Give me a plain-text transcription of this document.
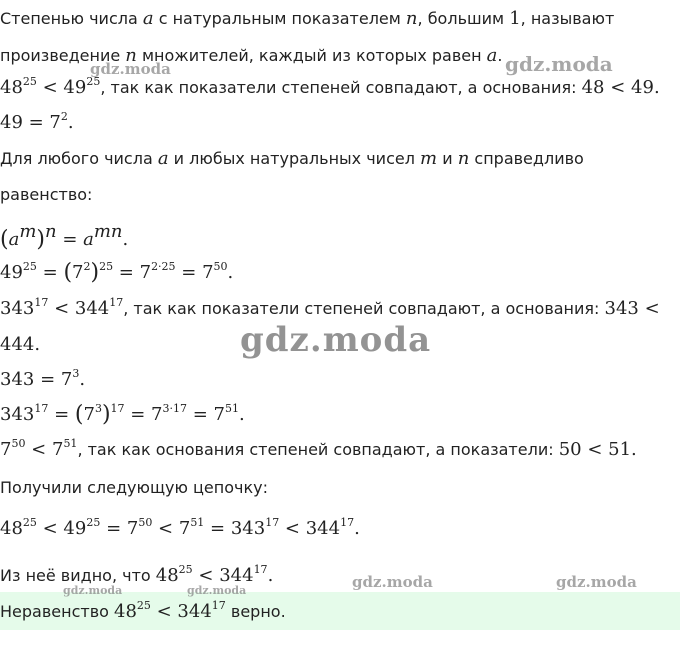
Степенью числа a с натуральным показателем n, большим 1, называют
произведение n множителей, каждый из которых равен a.
$48^{25} < 49^{25}$, так как показатели степеней совпадают, а основания: 48 < 49.
$49 = 7^2$.
Для любого числа a и любых натуральных чисел m и n справедливо
равенство:
$(a^m)^n = a^{mn}$.
$49^{25} = (7^2)^{25} = 7^{2\cdot 25} = 7^{50}$.
$343^{17} < 344^{17}$, так как показатели степеней совпадают, а основания: 343 <
444.
$343 = 7^3$.
$343^{17} = (7^3)^{17} = 7^{3\cdot 17} = 7^{51}$.
$7^{50} < 7^{51}$, так как основания степеней совпадают, а показатели: 50 < 51.
Получили следующую цепочку:
$48^{25} < 49^{25} = 7^{50} < 7^{51} = 343^{17} < 344^{17}$.
Из неё видно, что $48^{25} < 344^{17}$.
Неравенство $48^{25} < 344^{17}$ верно.
gdz.moda	gdz.moda
gdz.moda
gdz.moda	gdz.moda
gdz.moda	gdz.moda
